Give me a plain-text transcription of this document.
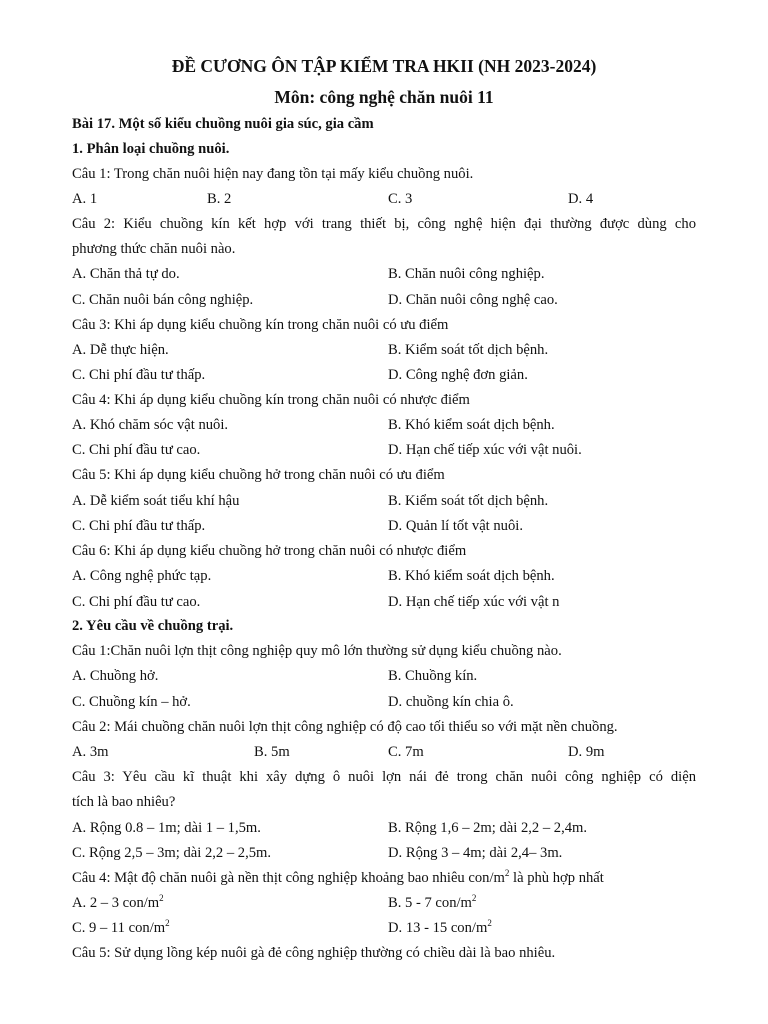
ĐỀ CƯƠNG ÔN TẬP KIỂM TRA HKII (NH 2023-2024)
Môn: công nghệ chăn nuôi 11
Bài 17. Một số kiểu chuồng nuôi gia súc, gia cầm
1. Phân loại chuồng nuôi.
Câu 1: Trong chăn nuôi hiện nay đang tồn tại mấy kiểu chuồng nuôi.
A. 1	B. 2	C. 3	D. 4
Câu 2: Kiểu chuồng kín kết hợp với trang thiết bị, công nghệ hiện đại thường được dùng cho
phương thức chăn nuôi nào.
A. Chăn thả tự do.	B. Chăn nuôi công nghiệp.
C. Chăn nuôi bán công nghiệp.	D. Chăn nuôi công nghệ cao.
Câu 3: Khi áp dụng kiểu chuồng kín trong chăn nuôi có ưu điểm
A. Dễ thực hiện.	B. Kiểm soát tốt dịch bệnh.
C. Chi phí đầu tư thấp.	D. Công nghệ đơn giản.
Câu 4: Khi áp dụng kiểu chuồng kín trong chăn nuôi có nhược điểm
A. Khó chăm sóc vật nuôi.	B. Khó kiểm soát dịch bệnh.
C. Chi phí đầu tư cao.	D. Hạn chế tiếp xúc với vật nuôi.
Câu 5: Khi áp dụng kiểu chuồng hở trong chăn nuôi có ưu điểm
A. Dễ kiểm soát tiểu khí hậu	B. Kiểm soát tốt dịch bệnh.
C. Chi phí đầu tư thấp.	D. Quản lí tốt vật nuôi.
Câu 6: Khi áp dụng kiểu chuồng hở trong chăn nuôi có nhược điểm
A. Công nghệ phức tạp.	B. Khó kiểm soát dịch bệnh.
C. Chi phí đầu tư cao.	D. Hạn chế tiếp xúc với vật n
2. Yêu cầu về chuồng trại.
Câu 1:Chăn nuôi lợn thịt công nghiệp quy mô lớn thường sử dụng kiểu chuồng nào.
A. Chuồng hở.	B. Chuồng kín.
C. Chuồng kín – hở.	D. chuồng kín chia ô.
Câu 2: Mái chuồng chăn nuôi lợn thịt công nghiệp có độ cao tối thiểu so với mặt nền chuồng.
A. 3m	B. 5m	C. 7m	D. 9m
Câu 3: Yêu cầu kĩ thuật khi xây dựng ô nuôi lợn nái đẻ trong chăn nuôi công nghiệp có diện
tích là bao nhiêu?
A. Rộng 0.8 – 1m; dài 1 – 1,5m.	B. Rộng 1,6 – 2m; dài 2,2 – 2,4m.
C. Rộng 2,5 – 3m; dài 2,2 – 2,5m.	D. Rộng 3 – 4m; dài 2,4– 3m.
Câu 4: Mật độ chăn nuôi gà nền thịt công nghiệp khoảng bao nhiêu con/$m^2$ là phù hợp nhất
A. 2 – 3 con/$m^2$	B. 5 - 7 con/$m^2$
C. 9 – 11 con/$m^2$	D. 13 - 15 con/$m^2$
Câu 5: Sử dụng lồng kép nuôi gà đẻ công nghiệp thường có chiều dài là bao nhiêu.
